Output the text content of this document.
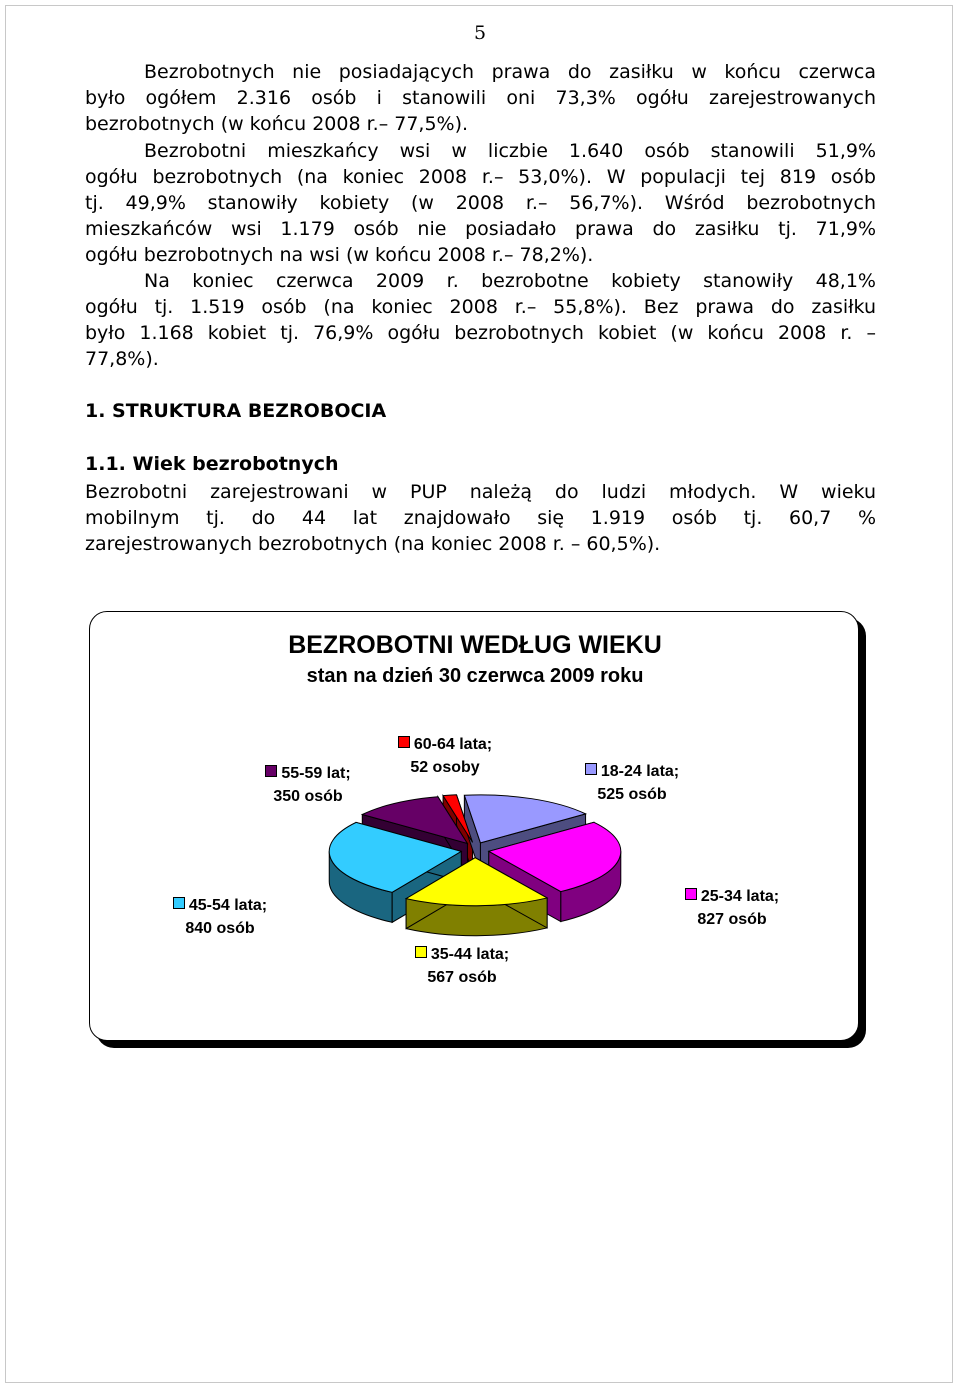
5
Bezrobotnych nie posiadających prawa do zasiłku w końcu czerwca
było ogółem 2.316 osób i stanowili oni 73,3% ogółu zarejestrowanych
bezrobotnych (w końcu 2008 r.– 77,5%).
Bezrobotni mieszkańcy wsi w liczbie 1.640 osób stanowili 51,9%
ogółu bezrobotnych (na koniec 2008 r.– 53,0%). W populacji tej 819 osób
tj. 49,9% stanowiły kobiety (w 2008 r.– 56,7%). Wśród bezrobotnych
mieszkańców wsi 1.179 osób nie posiadało prawa do zasiłku tj. 71,9%
ogółu bezrobotnych na wsi (w końcu 2008 r.– 78,2%).
Na koniec czerwca 2009 r. bezrobotne kobiety stanowiły 48,1%
ogółu tj. 1.519 osób (na koniec 2008 r.– 55,8%). Bez prawa do zasiłku
było 1.168 kobiet tj. 76,9% ogółu bezrobotnych kobiet (w końcu 2008 r. –
77,8%).
1. STRUKTURA BEZROBOCIA
1.1. Wiek bezrobotnych
Bezrobotni zarejestrowani w PUP należą do ludzi młodych. W wieku
mobilnym tj. do 44 lat znajdowało się 1.919 osób tj. 60,7 %
zarejestrowanych bezrobotnych (na koniec 2008 r. – 60,5%).
BEZROBOTNI WEDŁUG WIEKU
stan na dzień 30 czerwca 2009 roku
18-24 lata;
525 osób
25-34 lata;
827 osób
35-44 lata;
567 osób
45-54 lata;
840 osób
55-59 lat;
350 osób
60-64 lata;
52 osoby
